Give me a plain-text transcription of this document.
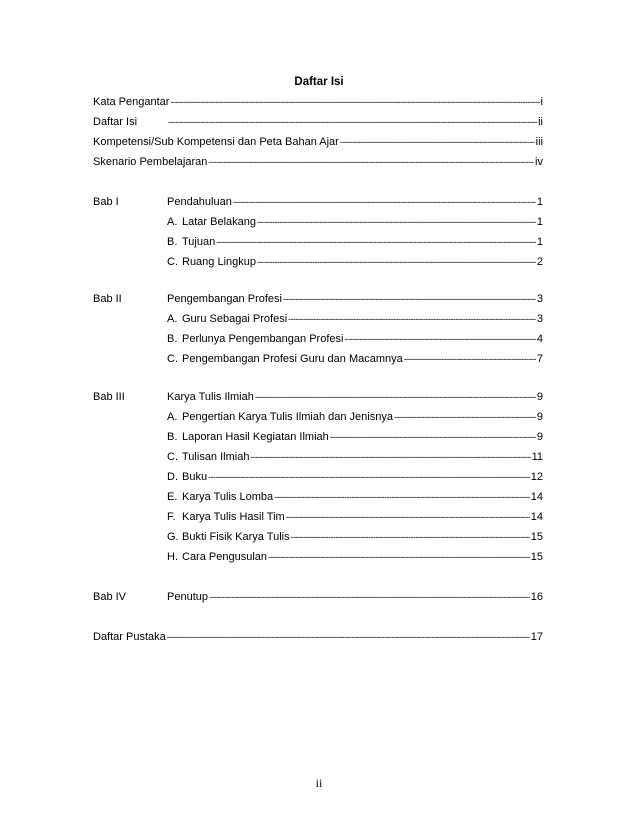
Daftar Isi
Kata Pengantar -----	i
Daftar Isi -----	ii
Kompetensi/Sub Kompetensi dan Peta Bahan Ajar -----	iii
Skenario Pembelajaran -----	iv
Bab I	Pendahuluan -----	1
A. Latar Belakang -----	1
B. Tujuan -----	1
C. Ruang Lingkup -----	2
Bab II	Pengembangan Profesi -----	3
A. Guru Sebagai Profesi -----	3
B. Perlunya Pengembangan Profesi -----	4
C. Pengembangan Profesi Guru dan Macamnya -----	7
Bab III	Karya Tulis Ilmiah -----	9
A. Pengertian Karya Tulis Ilmiah dan Jenisnya -----	9
B. Laporan Hasil Kegiatan Ilmiah -----	9
C. Tulisan Ilmiah -----	11
D. Buku -----	12
E. Karya Tulis Lomba -----	14
F. Karya Tulis Hasil Tim -----	14
G. Bukti Fisik Karya Tulis -----	15
H. Cara Pengusulan -----	15
Bab IV	Penutup -----	16
Daftar Pustaka -----	17
ii
